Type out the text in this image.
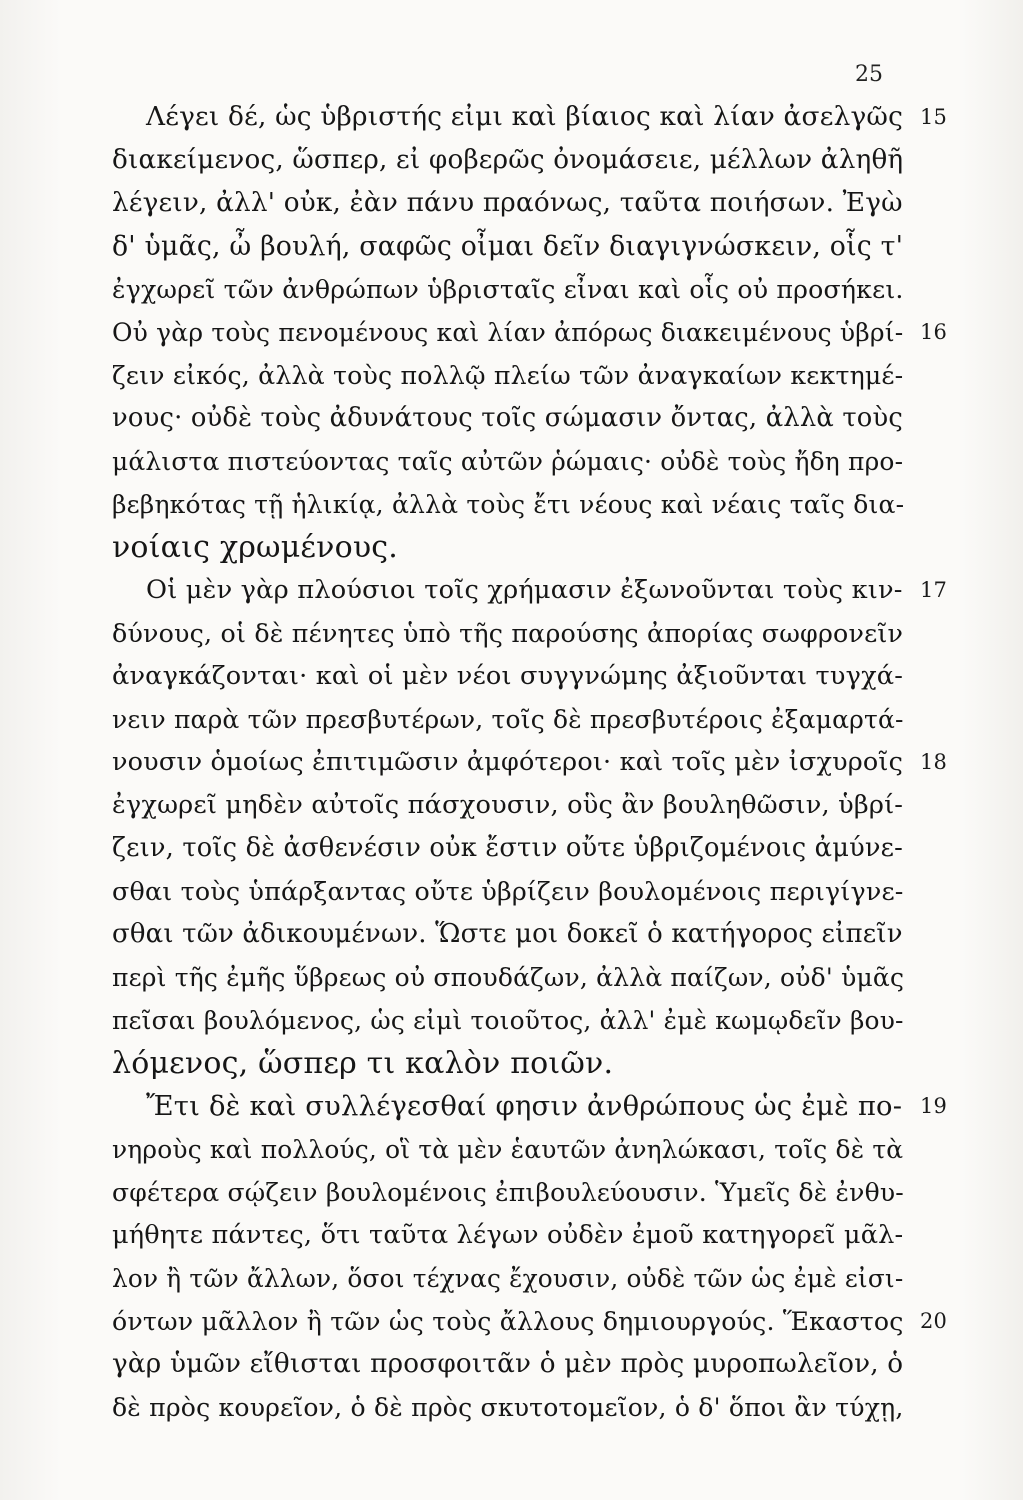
25
Λέγει δέ, ὡς ὑβριστής εἰμι καὶ βίαιος καὶ λίαν ἀσελγῶς 15
διακείμενος, ὥσπερ, εἰ φοβερῶς ὀνομάσειε, μέλλων ἀληθῆ
λέγειν, ἀλλ' οὐκ, ἐὰν πάνυ πραόνως, ταῦτα ποιήσων. Ἐγὼ
δ' ὑμᾶς, ὦ βουλή, σαφῶς οἶμαι δεῖν διαγιγνώσκειν, οἷς τ'
ἐγχωρεῖ τῶν ἀνθρώπων ὑβρισταῖς εἶναι καὶ οἷς οὐ προσήκει.
Οὐ γὰρ τοὺς πενομένους καὶ λίαν ἀπόρως διακειμένους ὑβρί- 16
ζειν εἰκός, ἀλλὰ τοὺς πολλῷ πλείω τῶν ἀναγκαίων κεκτημέ-
νους· οὐδὲ τοὺς ἀδυνάτους τοῖς σώμασιν ὄντας, ἀλλὰ τοὺς
μάλιστα πιστεύοντας ταῖς αὐτῶν ῥώμαις· οὐδὲ τοὺς ἤδη προ-
βεβηκότας τῇ ἡλικίᾳ, ἀλλὰ τοὺς ἔτι νέους καὶ νέαις ταῖς δια-
νοίαις χρωμένους.
Οἱ μὲν γὰρ πλούσιοι τοῖς χρήμασιν ἐξωνοῦνται τοὺς κιν- 17
δύνους, οἱ δὲ πένητες ὑπὸ τῆς παρούσης ἀπορίας σωφρονεῖν
ἀναγκάζονται· καὶ οἱ μὲν νέοι συγγνώμης ἀξιοῦνται τυγχά-
νειν παρὰ τῶν πρεσβυτέρων, τοῖς δὲ πρεσβυτέροις ἐξαμαρτά-
νουσιν ὁμοίως ἐπιτιμῶσιν ἀμφότεροι· καὶ τοῖς μὲν ἰσχυροῖς 18
ἐγχωρεῖ μηδὲν αὐτοῖς πάσχουσιν, οὓς ἂν βουληθῶσιν, ὑβρί-
ζειν, τοῖς δὲ ἀσθενέσιν οὐκ ἔστιν οὔτε ὑβριζομένοις ἀμύνε-
σθαι τοὺς ὑπάρξαντας οὔτε ὑβρίζειν βουλομένοις περιγίγνε-
σθαι τῶν ἀδικουμένων. Ὥστε μοι δοκεῖ ὁ κατήγορος εἰπεῖν
περὶ τῆς ἐμῆς ὕβρεως οὐ σπουδάζων, ἀλλὰ παίζων, οὐδ' ὑμᾶς
πεῖσαι βουλόμενος, ὡς εἰμὶ τοιοῦτος, ἀλλ' ἐμὲ κωμῳδεῖν βου-
λόμενος, ὥσπερ τι καλὸν ποιῶν.
Ἔτι δὲ καὶ συλλέγεσθαί φησιν ἀνθρώπους ὡς ἐμὲ πο- 19
νηροὺς καὶ πολλούς, οἳ τὰ μὲν ἑαυτῶν ἀνηλώκασι, τοῖς δὲ τὰ
σφέτερα σῴζειν βουλομένοις ἐπιβουλεύουσιν. Ὑμεῖς δὲ ἐνθυ-
μήθητε πάντες, ὅτι ταῦτα λέγων οὐδὲν ἐμοῦ κατηγορεῖ μᾶλ-
λον ἢ τῶν ἄλλων, ὅσοι τέχνας ἔχουσιν, οὐδὲ τῶν ὡς ἐμὲ εἰσι-
όντων μᾶλλον ἢ τῶν ὡς τοὺς ἄλλους δημιουργούς. Ἕκαστος 20
γὰρ ὑμῶν εἴθισται προσφοιτᾶν ὁ μὲν πρὸς μυροπωλεῖον, ὁ
δὲ πρὸς κουρεῖον, ὁ δὲ πρὸς σκυτοτομεῖον, ὁ δ' ὅποι ἂν τύχῃ,
